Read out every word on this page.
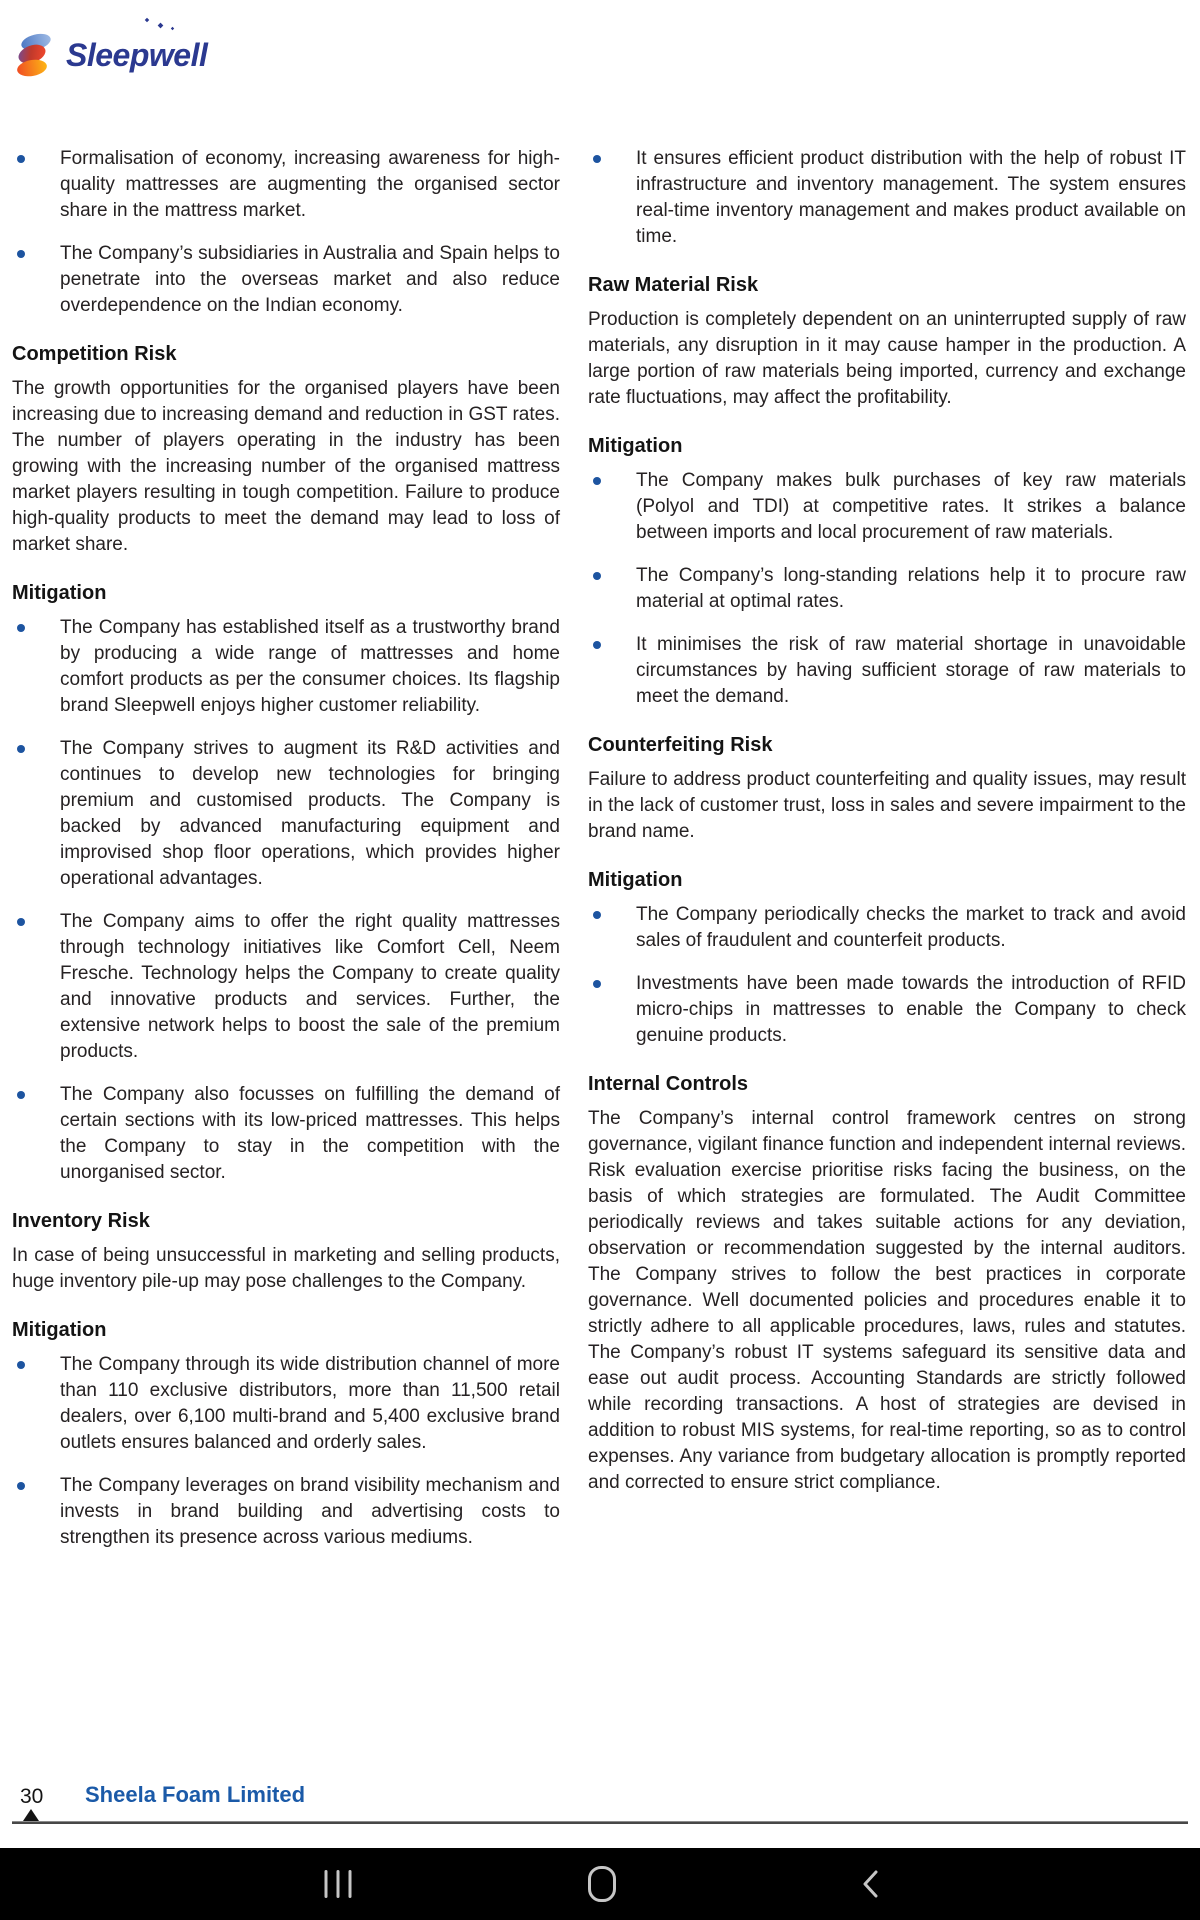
Sleepwell
Formalisation of economy, increasing awareness for high-quality mattresses are augmenting the organised sector share in the mattress market.
The Company’s subsidiaries in Australia and Spain helps to penetrate into the overseas market and also reduce overdependence on the Indian economy.
Competition Risk

The growth opportunities for the organised players have been increasing due to increasing demand and reduction in GST rates. The number of players operating in the industry has been growing with the increasing number of the organised mattress market players resulting in tough competition. Failure to produce high-quality products to meet the demand may lead to loss of market share.

Mitigation
The Company has established itself as a trustworthy brand by producing a wide range of mattresses and home comfort products as per the consumer choices. Its flagship brand Sleepwell enjoys higher customer reliability.
The Company strives to augment its R&D activities and continues to develop new technologies for bringing premium and customised products. The Company is backed by advanced manufacturing equipment and improvised shop floor operations, which provides higher operational advantages.
The Company aims to offer the right quality mattresses through technology initiatives like Comfort Cell, Neem Fresche. Technology helps the Company to create quality and innovative products and services. Further, the extensive network helps to boost the sale of the premium products.
The Company also focusses on fulfilling the demand of certain sections with its low-priced mattresses. This helps the Company to stay in the competition with the unorganised sector.
Inventory Risk

In case of being unsuccessful in marketing and selling products, huge inventory pile-up may pose challenges to the Company.

Mitigation
The Company through its wide distribution channel of more than 110 exclusive distributors, more than 11,500 retail dealers, over 6,100 multi-brand and 5,400 exclusive brand outlets ensures balanced and orderly sales.
The Company leverages on brand visibility mechanism and invests in brand building and advertising costs to strengthen its presence across various mediums.
It ensures efficient product distribution with the help of robust IT infrastructure and inventory management. The system ensures real-time inventory management and makes product available on time.
Raw Material Risk

Production is completely dependent on an uninterrupted supply of raw materials, any disruption in it may cause hamper in the production. A large portion of raw materials being imported, currency and exchange rate fluctuations, may affect the profitability.

Mitigation
The Company makes bulk purchases of key raw materials (Polyol and TDI) at competitive rates. It strikes a balance between imports and local procurement of raw materials.
The Company’s long-standing relations help it to procure raw material at optimal rates.
It minimises the risk of raw material shortage in unavoidable circumstances by having sufficient storage of raw materials to meet the demand.
Counterfeiting Risk

Failure to address product counterfeiting and quality issues, may result in the lack of customer trust, loss in sales and severe impairment to the brand name.

Mitigation
The Company periodically checks the market to track and avoid sales of fraudulent and counterfeit products.
Investments have been made towards the introduction of RFID micro-chips in mattresses to enable the Company to check genuine products.
Internal Controls

The Company’s internal control framework centres on strong governance, vigilant finance function and independent internal reviews. Risk evaluation exercise prioritise risks facing the business, on the basis of which strategies are formulated. The Audit Committee periodically reviews and takes suitable actions for any deviation, observation or recommendation suggested by the internal auditors. The Company strives to follow the best practices in corporate governance. Well documented policies and procedures enable it to strictly adhere to all applicable procedures, laws, rules and statutes. The Company’s robust IT systems safeguard its sensitive data and ease out audit process. Accounting Standards are strictly followed while recording transactions. A host of strategies are devised in addition to robust MIS systems, for real-time reporting, so as to control expenses. Any variance from budgetary allocation is promptly reported and corrected to ensure strict compliance.

30 Sheela Foam Limited
